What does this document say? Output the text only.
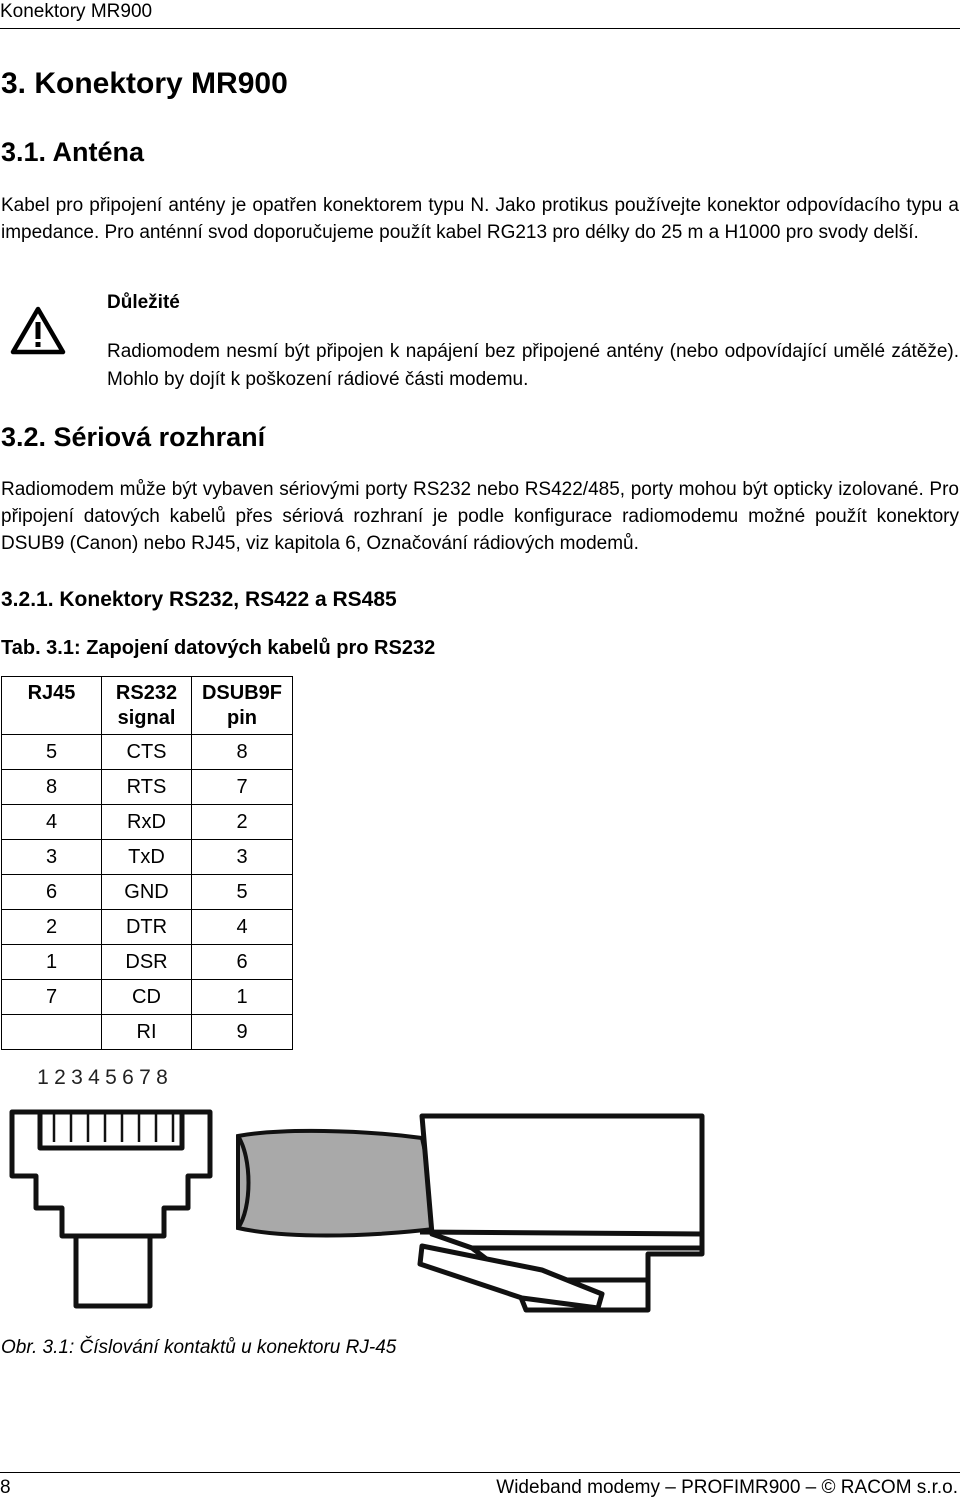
Konektory MR900
3. Konektory MR900
3.1. Anténa
Kabel pro připojení antény je opatřen konektorem typu N. Jako protikus používejte konektor odpovídacího typu a impedance. Pro anténní svod doporučujeme použít kabel RG213 pro délky do 25 m a H1000 pro svody delší.
Důležité
Radiomodem nesmí být připojen k napájení bez připojené antény (nebo odpovídající umělé zátěže). Mohlo by dojít k poškození rádiové části modemu.
3.2. Sériová rozhraní
Radiomodem může být vybaven sériovými porty RS232 nebo RS422/485, porty mohou být opticky izolované. Pro připojení datových kabelů přes sériová rozhraní je podle konfigurace radiomodemu možné použít konektory DSUB9 (Canon) nebo RJ45, viz kapitola 6, Označování rádiových modemů.
3.2.1. Konektory RS232, RS422 a RS485
Tab. 3.1: Zapojení datových kabelů pro RS232
RJ45	RS232 signal	DSUB9F pin
5	CTS	8
8	RTS	7
4	RxD	2
3	TxD	3
6	GND	5
2	DTR	4
1	DSR	6
7	CD	1
	RI	9
1 2 3 4 5 6 7 8
Obr. 3.1: Číslování kontaktů u konektoru RJ-45
8	Wideband modemy – PROFIMR900 – © RACOM s.r.o.
